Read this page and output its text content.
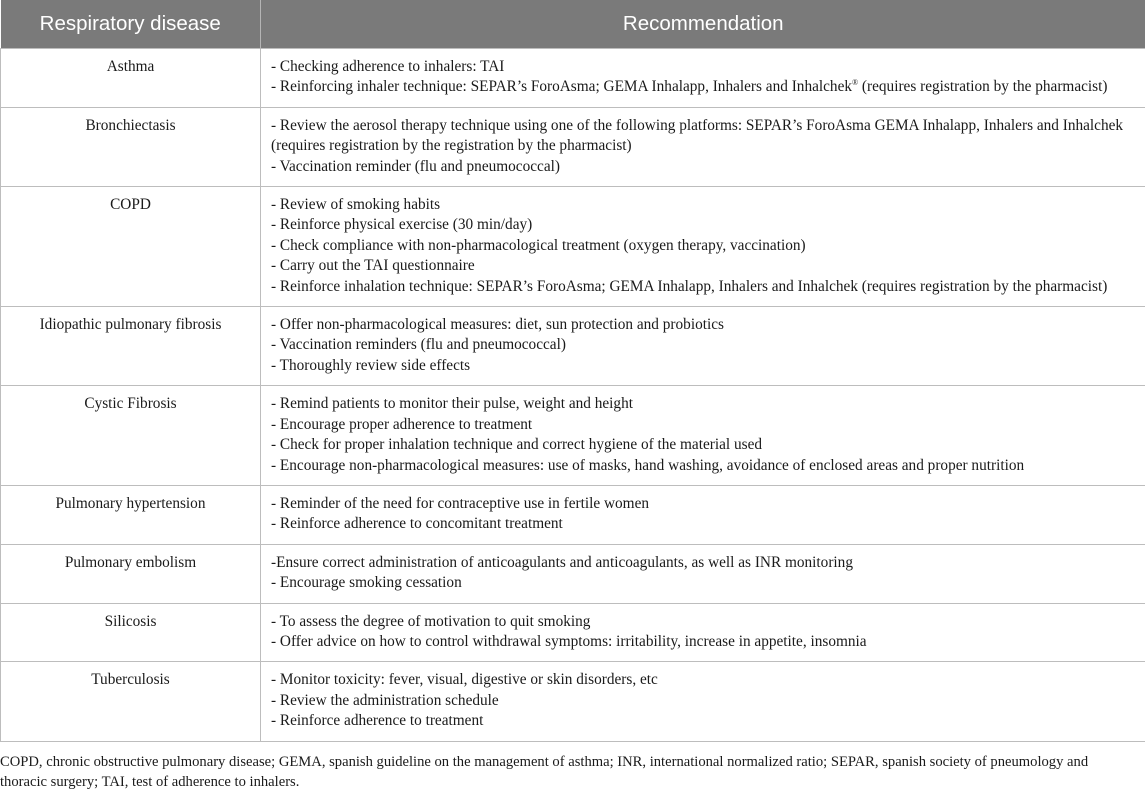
Respiratory disease	Recommendation
Asthma	- Checking adherence to inhalers: TAI
- Reinforcing inhaler technique: SEPAR’s ForoAsma; GEMA Inhalapp, Inhalers and Inhalchek® (requires registration by the pharmacist)

Bronchiectasis	- Review the aerosol therapy technique using one of the following platforms: SEPAR’s ForoAsma GEMA Inhalapp, Inhalers and Inhalchek (requires registration by the registration by the pharmacist)
- Vaccination reminder (flu and pneumococcal)

COPD	- Review of smoking habits
- Reinforce physical exercise (30 min/day)
- Check compliance with non-pharmacological treatment (oxygen therapy, vaccination)
- Carry out the TAI questionnaire
- Reinforce inhalation technique: SEPAR’s ForoAsma; GEMA Inhalapp, Inhalers and Inhalchek (requires registration by the pharmacist)

Idiopathic pulmonary fibrosis	- Offer non-pharmacological measures: diet, sun protection and probiotics
- Vaccination reminders (flu and pneumococcal)
- Thoroughly review side effects

Cystic Fibrosis	- Remind patients to monitor their pulse, weight and height
- Encourage proper adherence to treatment
- Check for proper inhalation technique and correct hygiene of the material used
- Encourage non-pharmacological measures: use of masks, hand washing, avoidance of enclosed areas and proper nutrition

Pulmonary hypertension	- Reminder of the need for contraceptive use in fertile women
- Reinforce adherence to concomitant treatment

Pulmonary embolism	-Ensure correct administration of anticoagulants and anticoagulants, as well as INR monitoring
- Encourage smoking cessation

Silicosis	- To assess the degree of motivation to quit smoking
- Offer advice on how to control withdrawal symptoms: irritability, increase in appetite, insomnia

Tuberculosis	- Monitor toxicity: fever, visual, digestive or skin disorders, etc
- Review the administration schedule
- Reinforce adherence to treatment
COPD, chronic obstructive pulmonary disease; GEMA, spanish guideline on the management of asthma; INR, international normalized ratio; SEPAR, spanish society of pneumology and thoracic surgery; TAI, test of adherence to inhalers.
